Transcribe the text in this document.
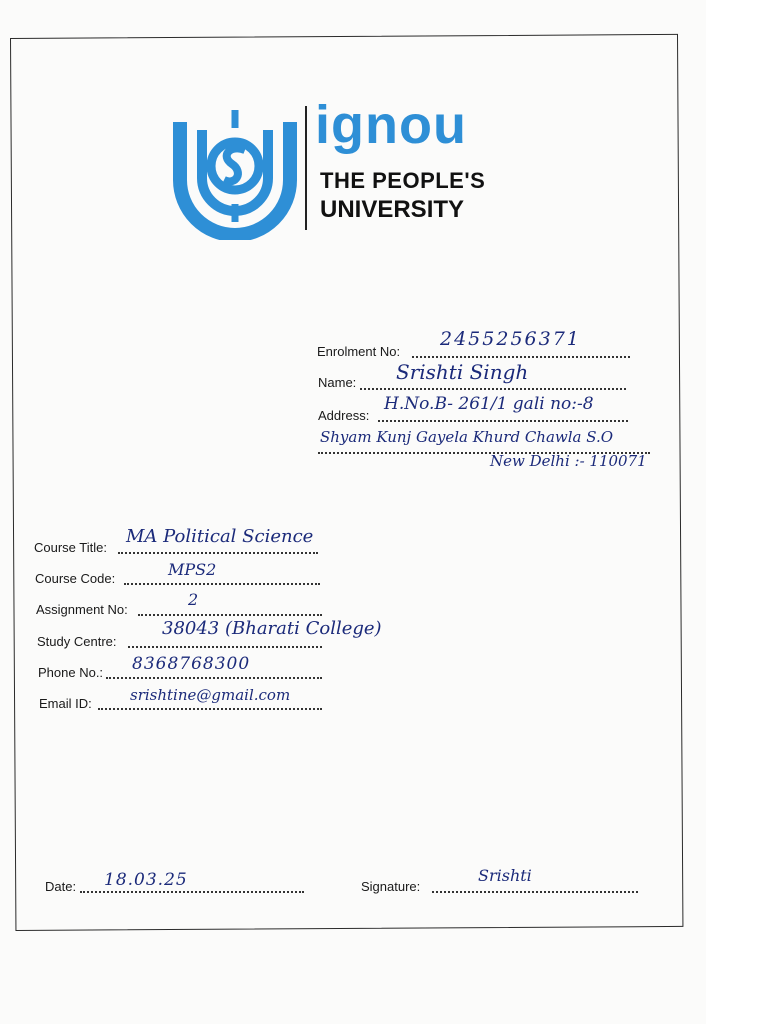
ignou
THE PEOPLE'S
UNIVERSITY
Enrolment No:
2455256371
Name: Srishti Singh
Address:
H.No.B- 261/1 gali no:-8
Shyam Kunj Gayela Khurd Chawla S.O
New Delhi :- 110071
Course Title:
MA Political Science
Course Code:	MPS2
Assignment No:
2
Study Centre:
38043 (Bharati College)
Phone No.: 8368768300
Email ID:	srishtine@gmail.com
Date: 18.03.25	Signature:
Srishti
